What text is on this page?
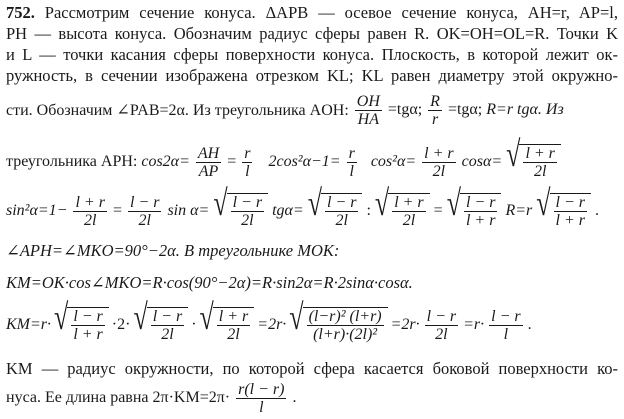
752. Рассмотрим сечение конуса. ΔAPB — осевое сечение конуса, AH=r, AP=l,
PH — высота конуса. Обозначим радиус сферы равен R. OK=OH=OL=R. Точки K
и L — точки касания сферы поверхности конуса. Плоскость, в которой лежит ок-
ружность, в сечении изображена отрезком KL; KL равен диаметру этой окружно-
сти. Обозначим ∠PAB=2α. Из треугольника AOH: $\frac{OH}{HA} =tg\alpha$; $\frac{R}{r} =tg\alpha$; R=r tgα. Из
треугольника APH: $\cos 2\alpha= \frac{AH}{AP} = \frac{r}{l} 2\cos^2\alpha-1= \frac{r}{l} \cos^2\alpha= \frac{l + r}{2l} \cos\alpha=$ √ $\frac{l + r}{2l}$
$\sin^2\alpha=1- \frac{l + r}{2l} = \frac{l - r}{2l}$ sin α= √ $\frac{l - r}{2l} tg\alpha=$ √ $\frac{l - r}{2l}$ : √ $\frac{l + r}{2l}$ = √ $\frac{l - r}{l + r} R=r$ √ $\frac{l - r}{l + r}$ .
∠APH=∠MKO=90°−2α. В треугольнике MOK:
KM=OK·cos∠MKO=R·cos(90°−2α)=R·sin2α=R·2sinα·cosα.
KM=r· √ $\frac{l - r}{l + r} \cdot 2\cdot$ √ $\frac{l - r}{2l}$ · √ $\frac{l + r}{2l} =2r\cdot$ √ $\frac{\text{(l−r)² (l+r)}}{\text{(l+r)·(2l)²}} =2r\cdot \frac{l - r}{2l} =r\cdot \frac{l - r}{l}$ .
KM — радиус окружности, по которой сфера касается боковой поверхности ко-
нуса. Ее длина равна $2\pi\cdot KM=2\pi\cdot \frac{r(l - r)}{l}$ .
